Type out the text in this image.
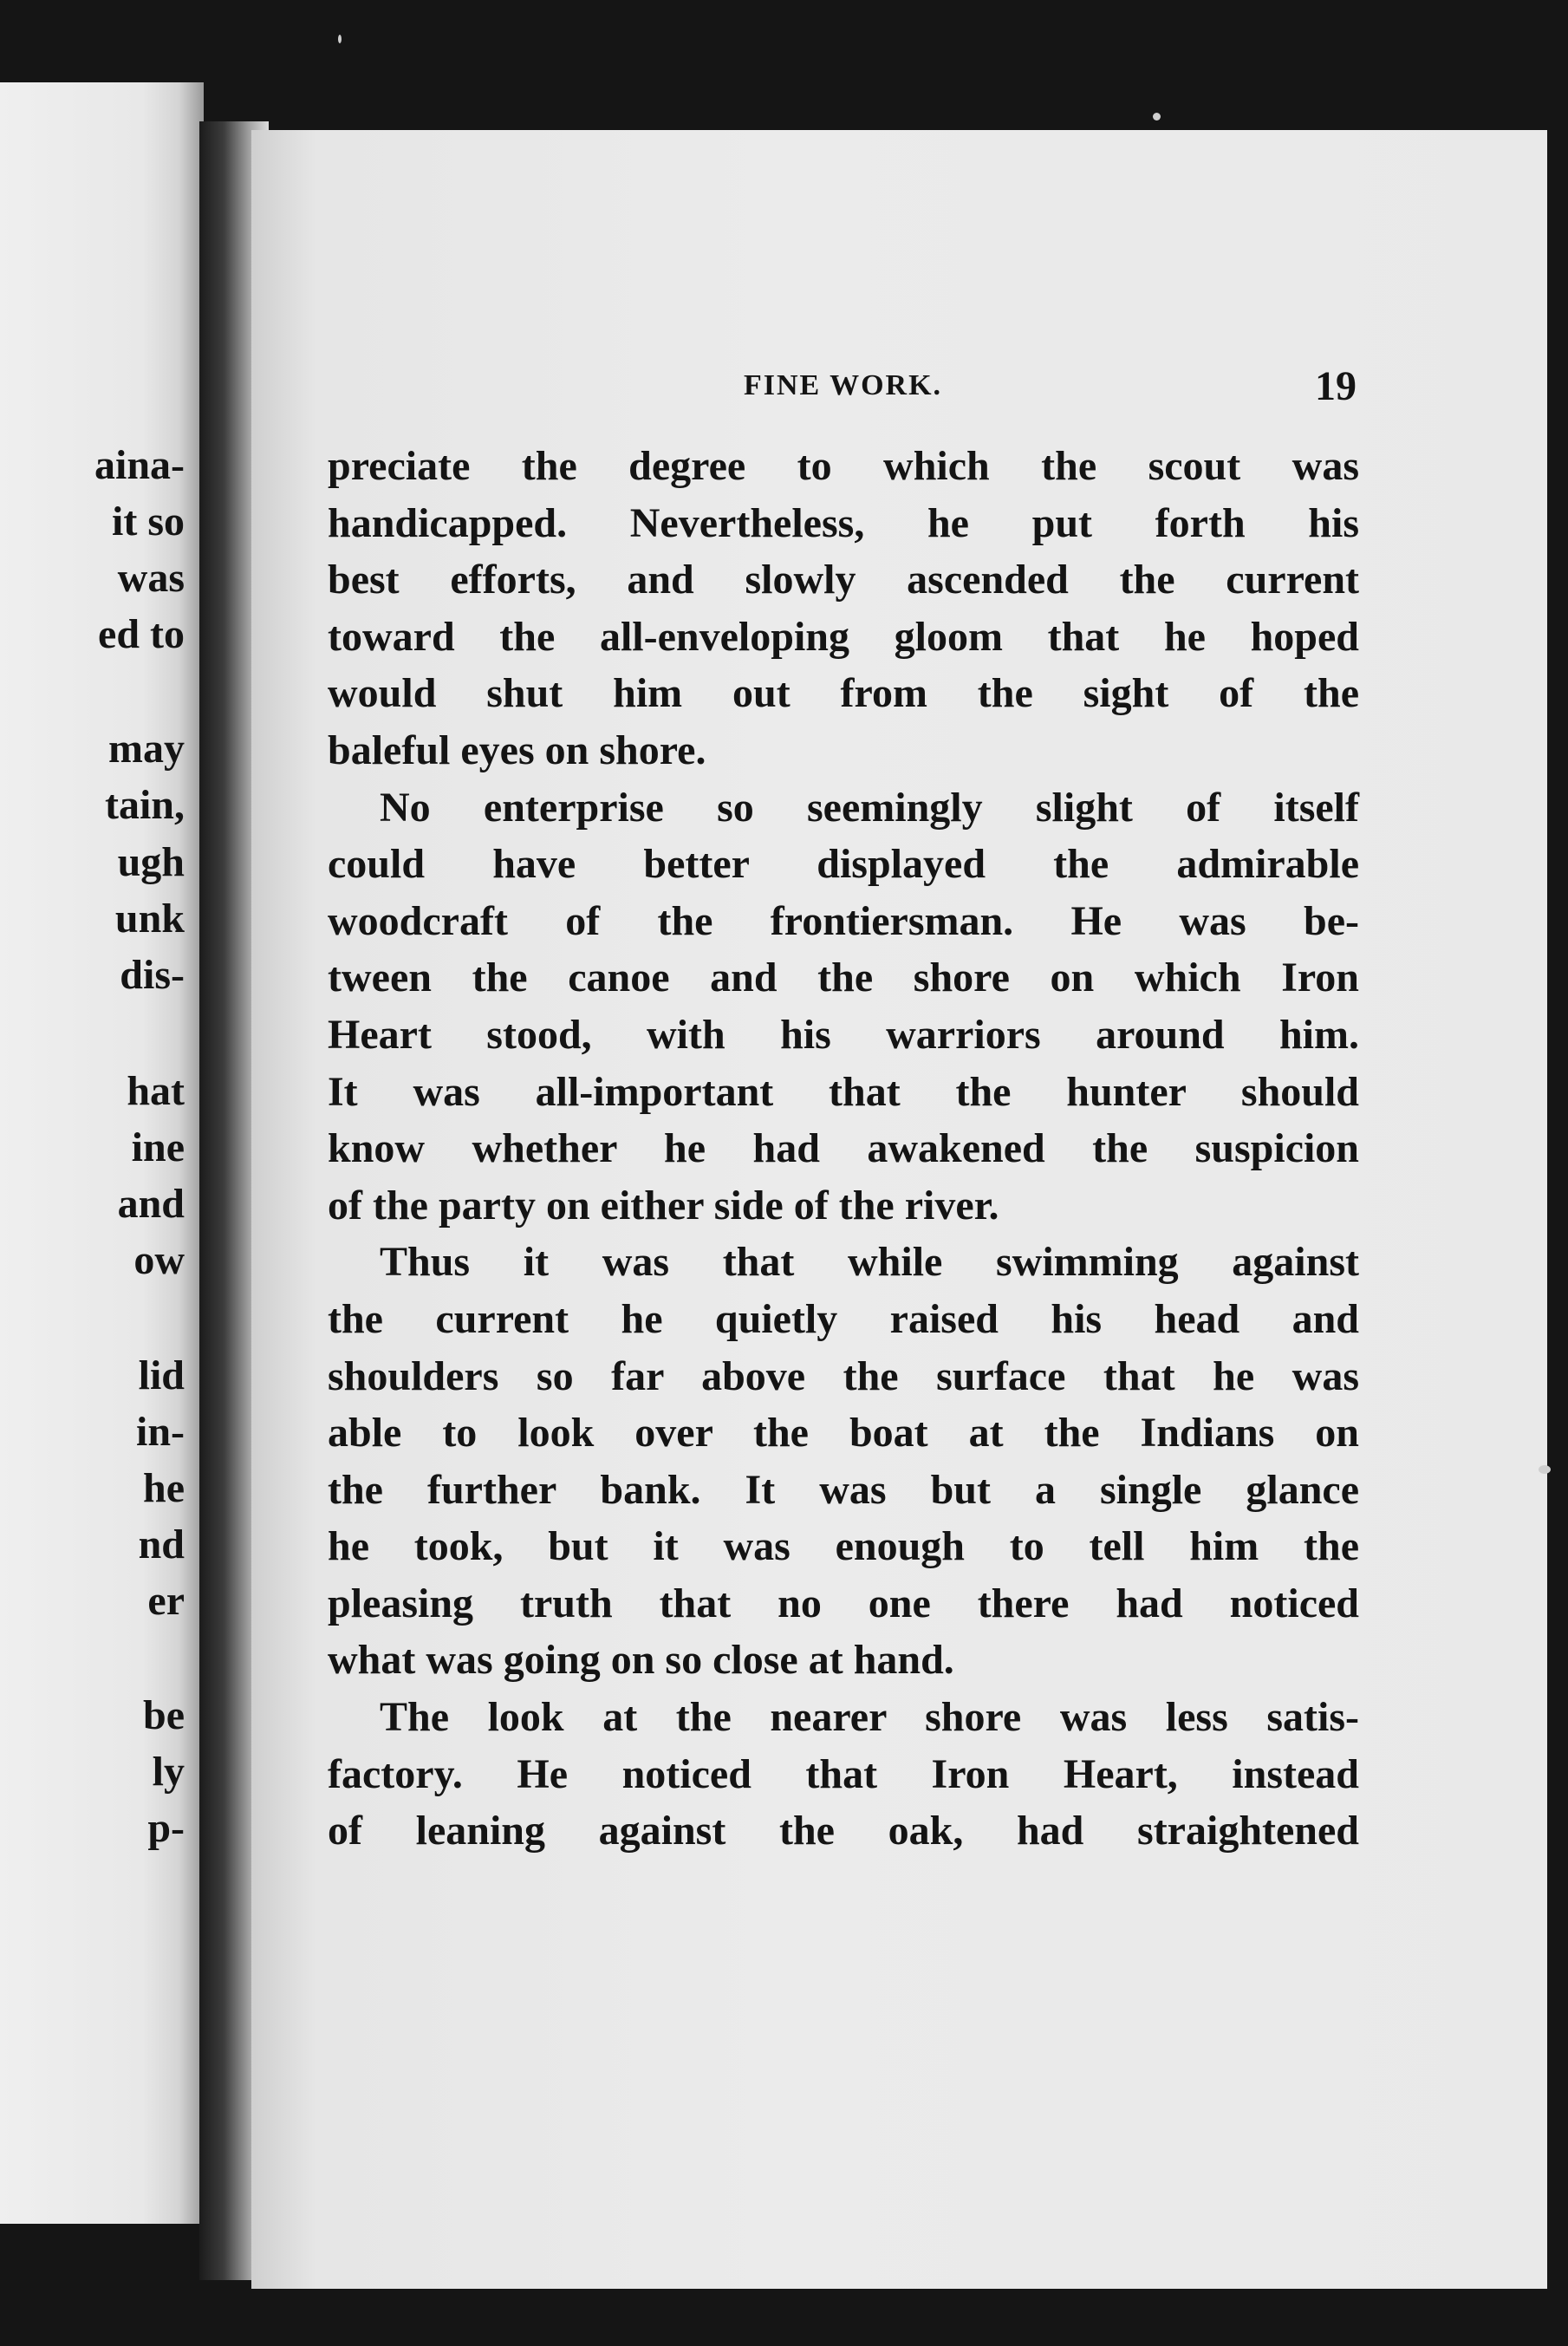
aina-
it so
was
ed to
may
tain,
ugh
unk
dis-
hat
ine
and
ow
lid
in-
he
nd
er
be
ly
p-
FINE WORK.	19
preciate the degree to which the scout was
handicapped. Nevertheless, he put forth his
best efforts, and slowly ascended the current
toward the all-enveloping gloom that he hoped
would shut him out from the sight of the
baleful eyes on shore.
No enterprise so seemingly slight of itself
could have better displayed the admirable
woodcraft of the frontiersman. He was be-
tween the canoe and the shore on which Iron
Heart stood, with his warriors around him.
It was all-important that the hunter should
know whether he had awakened the suspicion
of the party on either side of the river.
Thus it was that while swimming against
the current he quietly raised his head and
shoulders so far above the surface that he was
able to look over the boat at the Indians on
the further bank. It was but a single glance
he took, but it was enough to tell him the
pleasing truth that no one there had noticed
what was going on so close at hand.
The look at the nearer shore was less satis-
factory. He noticed that Iron Heart, instead
of leaning against the oak, had straightened
